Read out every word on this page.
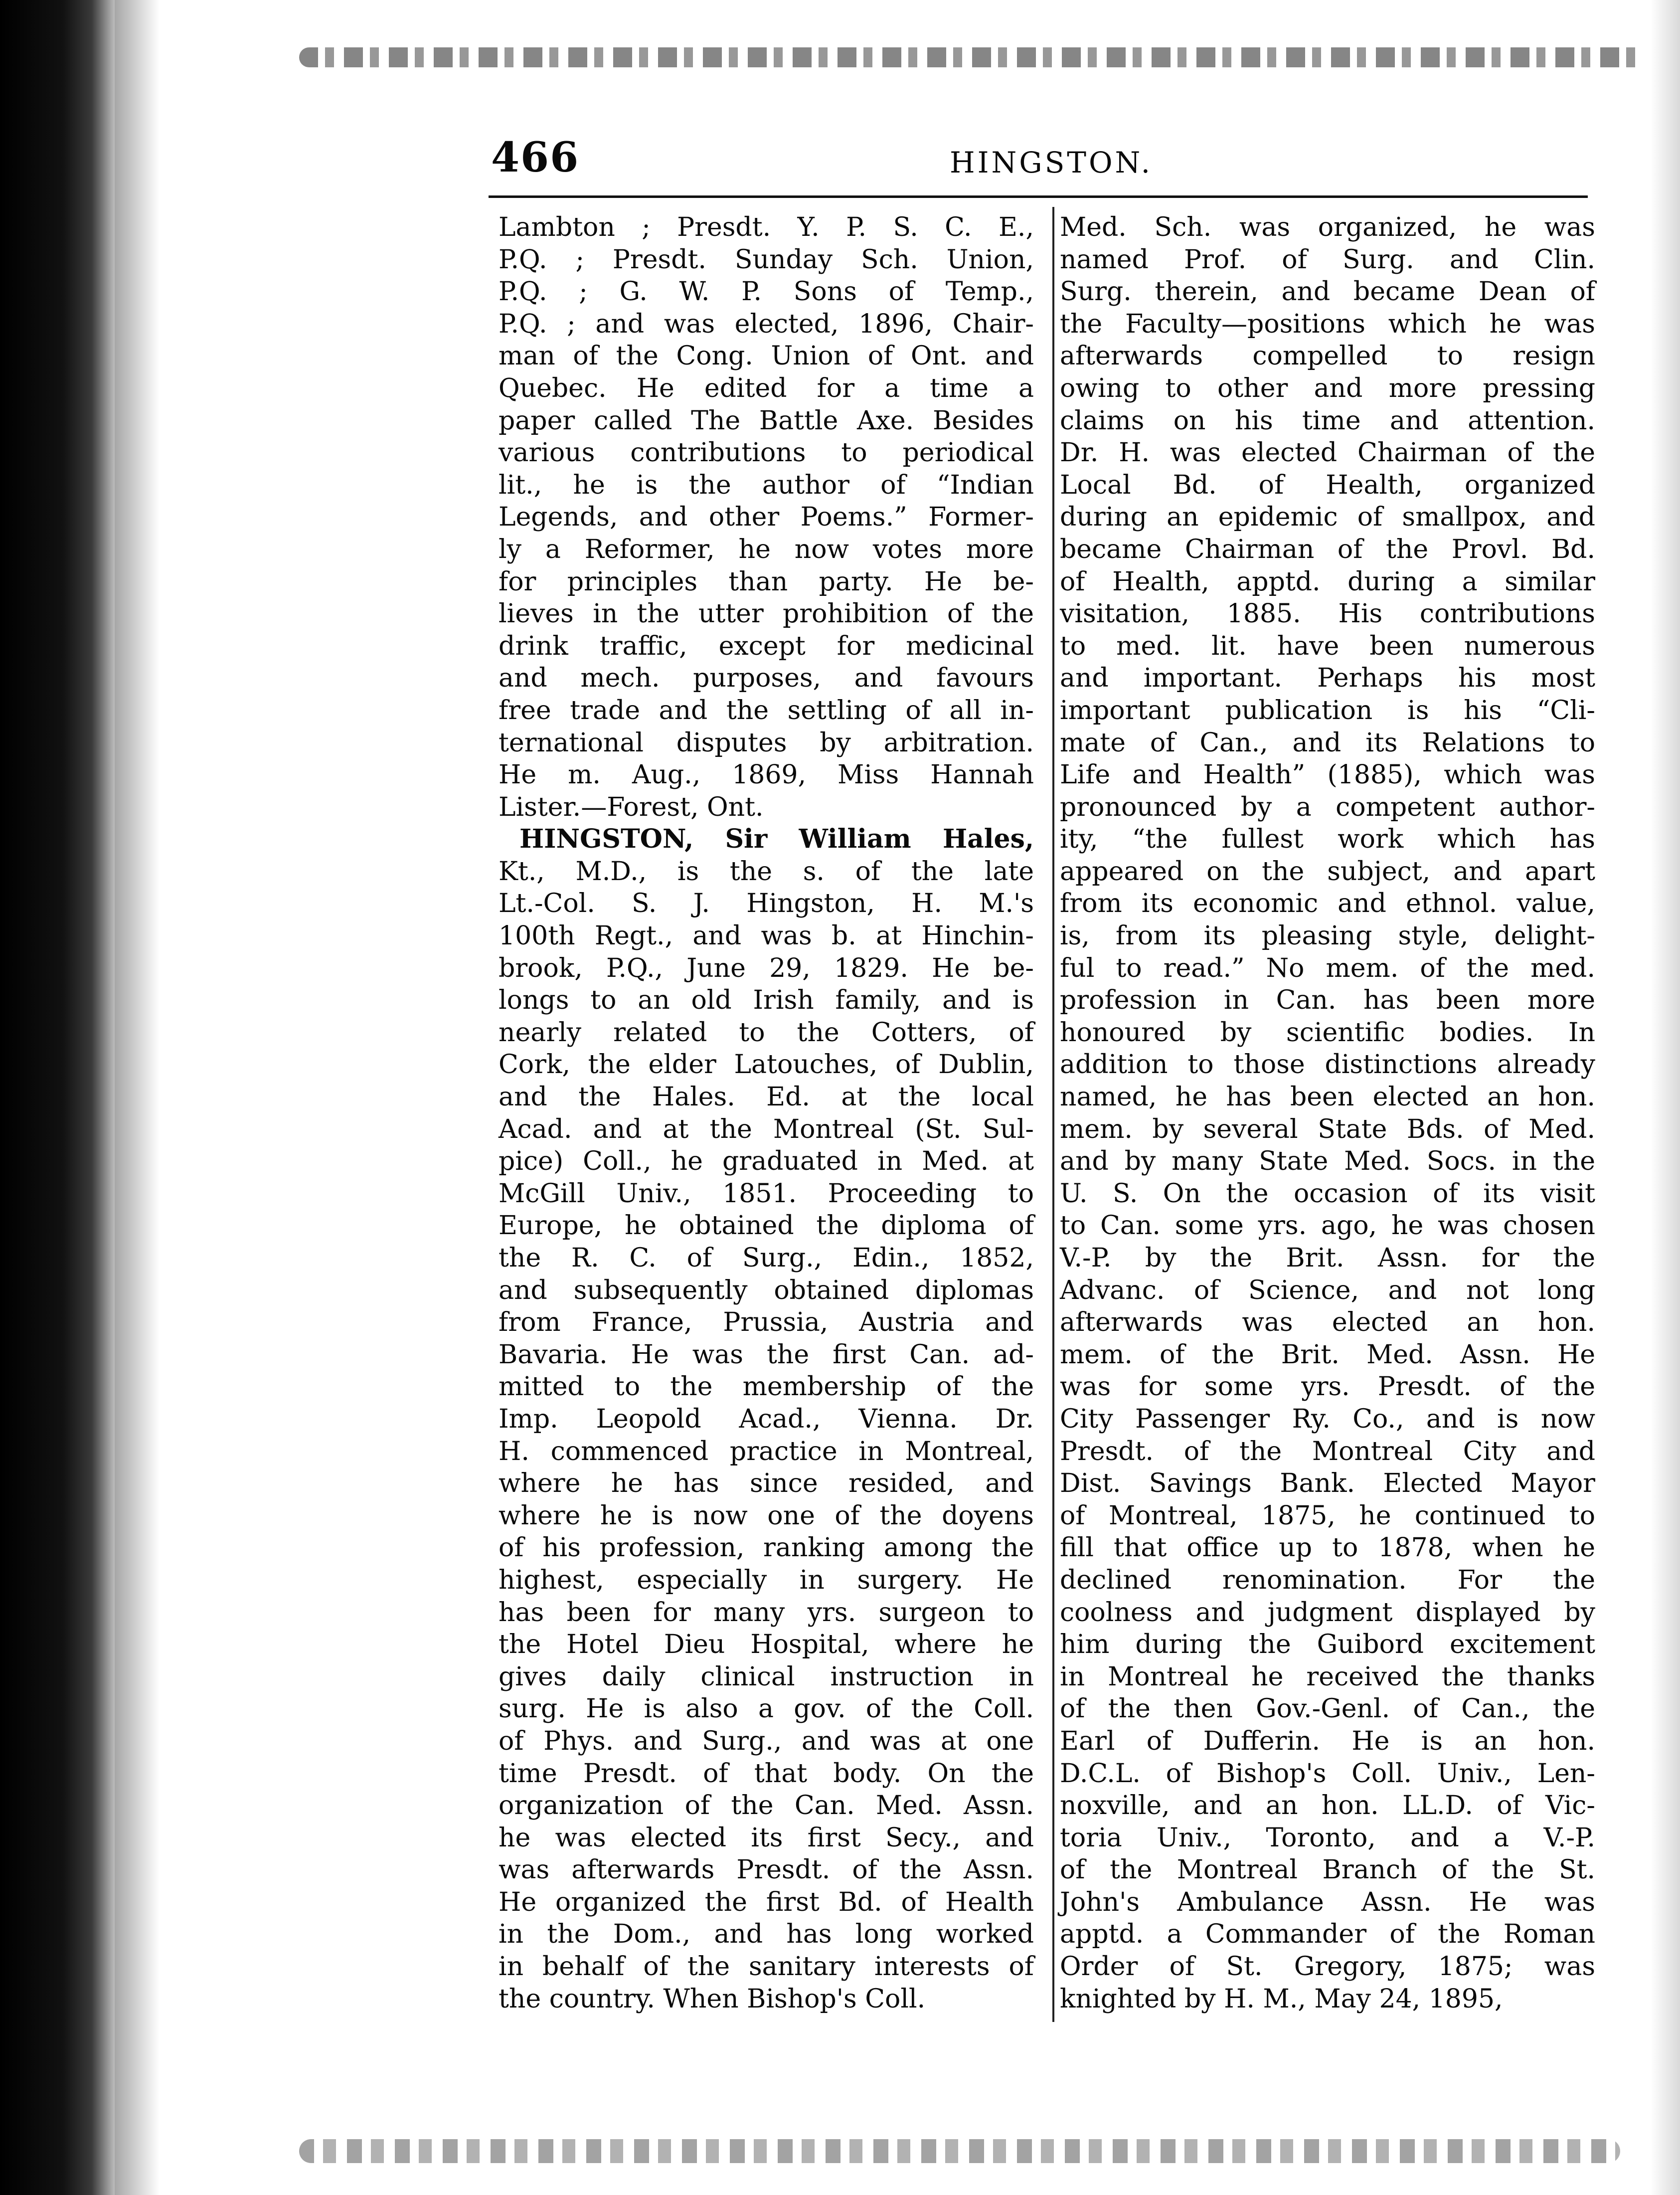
466	HINGSTON.
Lambton ; Presdt. Y. P. S. C. E.,
P.Q. ; Presdt. Sunday Sch. Union,
P.Q. ; G. W. P. Sons of Temp.,
P.Q. ; and was elected, 1896, Chair-
man of the Cong. Union of Ont. and
Quebec. He edited for a time a
paper called The Battle Axe. Besides
various contributions to periodical
lit., he is the author of “Indian
Legends, and other Poems.” Former-
ly a Reformer, he now votes more
for principles than party. He be-
lieves in the utter prohibition of the
drink traffic, except for medicinal
and mech. purposes, and favours
free trade and the settling of all in-
ternational disputes by arbitration.
He m. Aug., 1869, Miss Hannah
Lister.—Forest, Ont.
HINGSTON, Sir William Hales,
Kt., M.D., is the s. of the late
Lt.-Col. S. J. Hingston, H. M.'s
100th Regt., and was b. at Hinchin-
brook, P.Q., June 29, 1829. He be-
longs to an old Irish family, and is
nearly related to the Cotters, of
Cork, the elder Latouches, of Dublin,
and the Hales. Ed. at the local
Acad. and at the Montreal (St. Sul-
pice) Coll., he graduated in Med. at
McGill Univ., 1851. Proceeding to
Europe, he obtained the diploma of
the R. C. of Surg., Edin., 1852,
and subsequently obtained diplomas
from France, Prussia, Austria and
Bavaria. He was the first Can. ad-
mitted to the membership of the
Imp. Leopold Acad., Vienna. Dr.
H. commenced practice in Montreal,
where he has since resided, and
where he is now one of the doyens
of his profession, ranking among the
highest, especially in surgery. He
has been for many yrs. surgeon to
the Hotel Dieu Hospital, where he
gives daily clinical instruction in
surg. He is also a gov. of the Coll.
of Phys. and Surg., and was at one
time Presdt. of that body. On the
organization of the Can. Med. Assn.
he was elected its first Secy., and
was afterwards Presdt. of the Assn.
He organized the first Bd. of Health
in the Dom., and has long worked
in behalf of the sanitary interests of
the country. When Bishop's Coll.
Med. Sch. was organized, he was
named Prof. of Surg. and Clin.
Surg. therein, and became Dean of
the Faculty—positions which he was
afterwards compelled to resign
owing to other and more pressing
claims on his time and attention.
Dr. H. was elected Chairman of the
Local Bd. of Health, organized
during an epidemic of smallpox, and
became Chairman of the Provl. Bd.
of Health, apptd. during a similar
visitation, 1885. His contributions
to med. lit. have been numerous
and important. Perhaps his most
important publication is his “Cli-
mate of Can., and its Relations to
Life and Health” (1885), which was
pronounced by a competent author-
ity, “the fullest work which has
appeared on the subject, and apart
from its economic and ethnol. value,
is, from its pleasing style, delight-
ful to read.” No mem. of the med.
profession in Can. has been more
honoured by scientific bodies. In
addition to those distinctions already
named, he has been elected an hon.
mem. by several State Bds. of Med.
and by many State Med. Socs. in the
U. S. On the occasion of its visit
to Can. some yrs. ago, he was chosen
V.-P. by the Brit. Assn. for the
Advanc. of Science, and not long
afterwards was elected an hon.
mem. of the Brit. Med. Assn. He
was for some yrs. Presdt. of the
City Passenger Ry. Co., and is now
Presdt. of the Montreal City and
Dist. Savings Bank. Elected Mayor
of Montreal, 1875, he continued to
fill that office up to 1878, when he
declined renomination. For the
coolness and judgment displayed by
him during the Guibord excitement
in Montreal he received the thanks
of the then Gov.-Genl. of Can., the
Earl of Dufferin. He is an hon.
D.C.L. of Bishop's Coll. Univ., Len-
noxville, and an hon. LL.D. of Vic-
toria Univ., Toronto, and a V.-P.
of the Montreal Branch of the St.
John's Ambulance Assn. He was
apptd. a Commander of the Roman
Order of St. Gregory, 1875; was
knighted by H. M., May 24, 1895,
